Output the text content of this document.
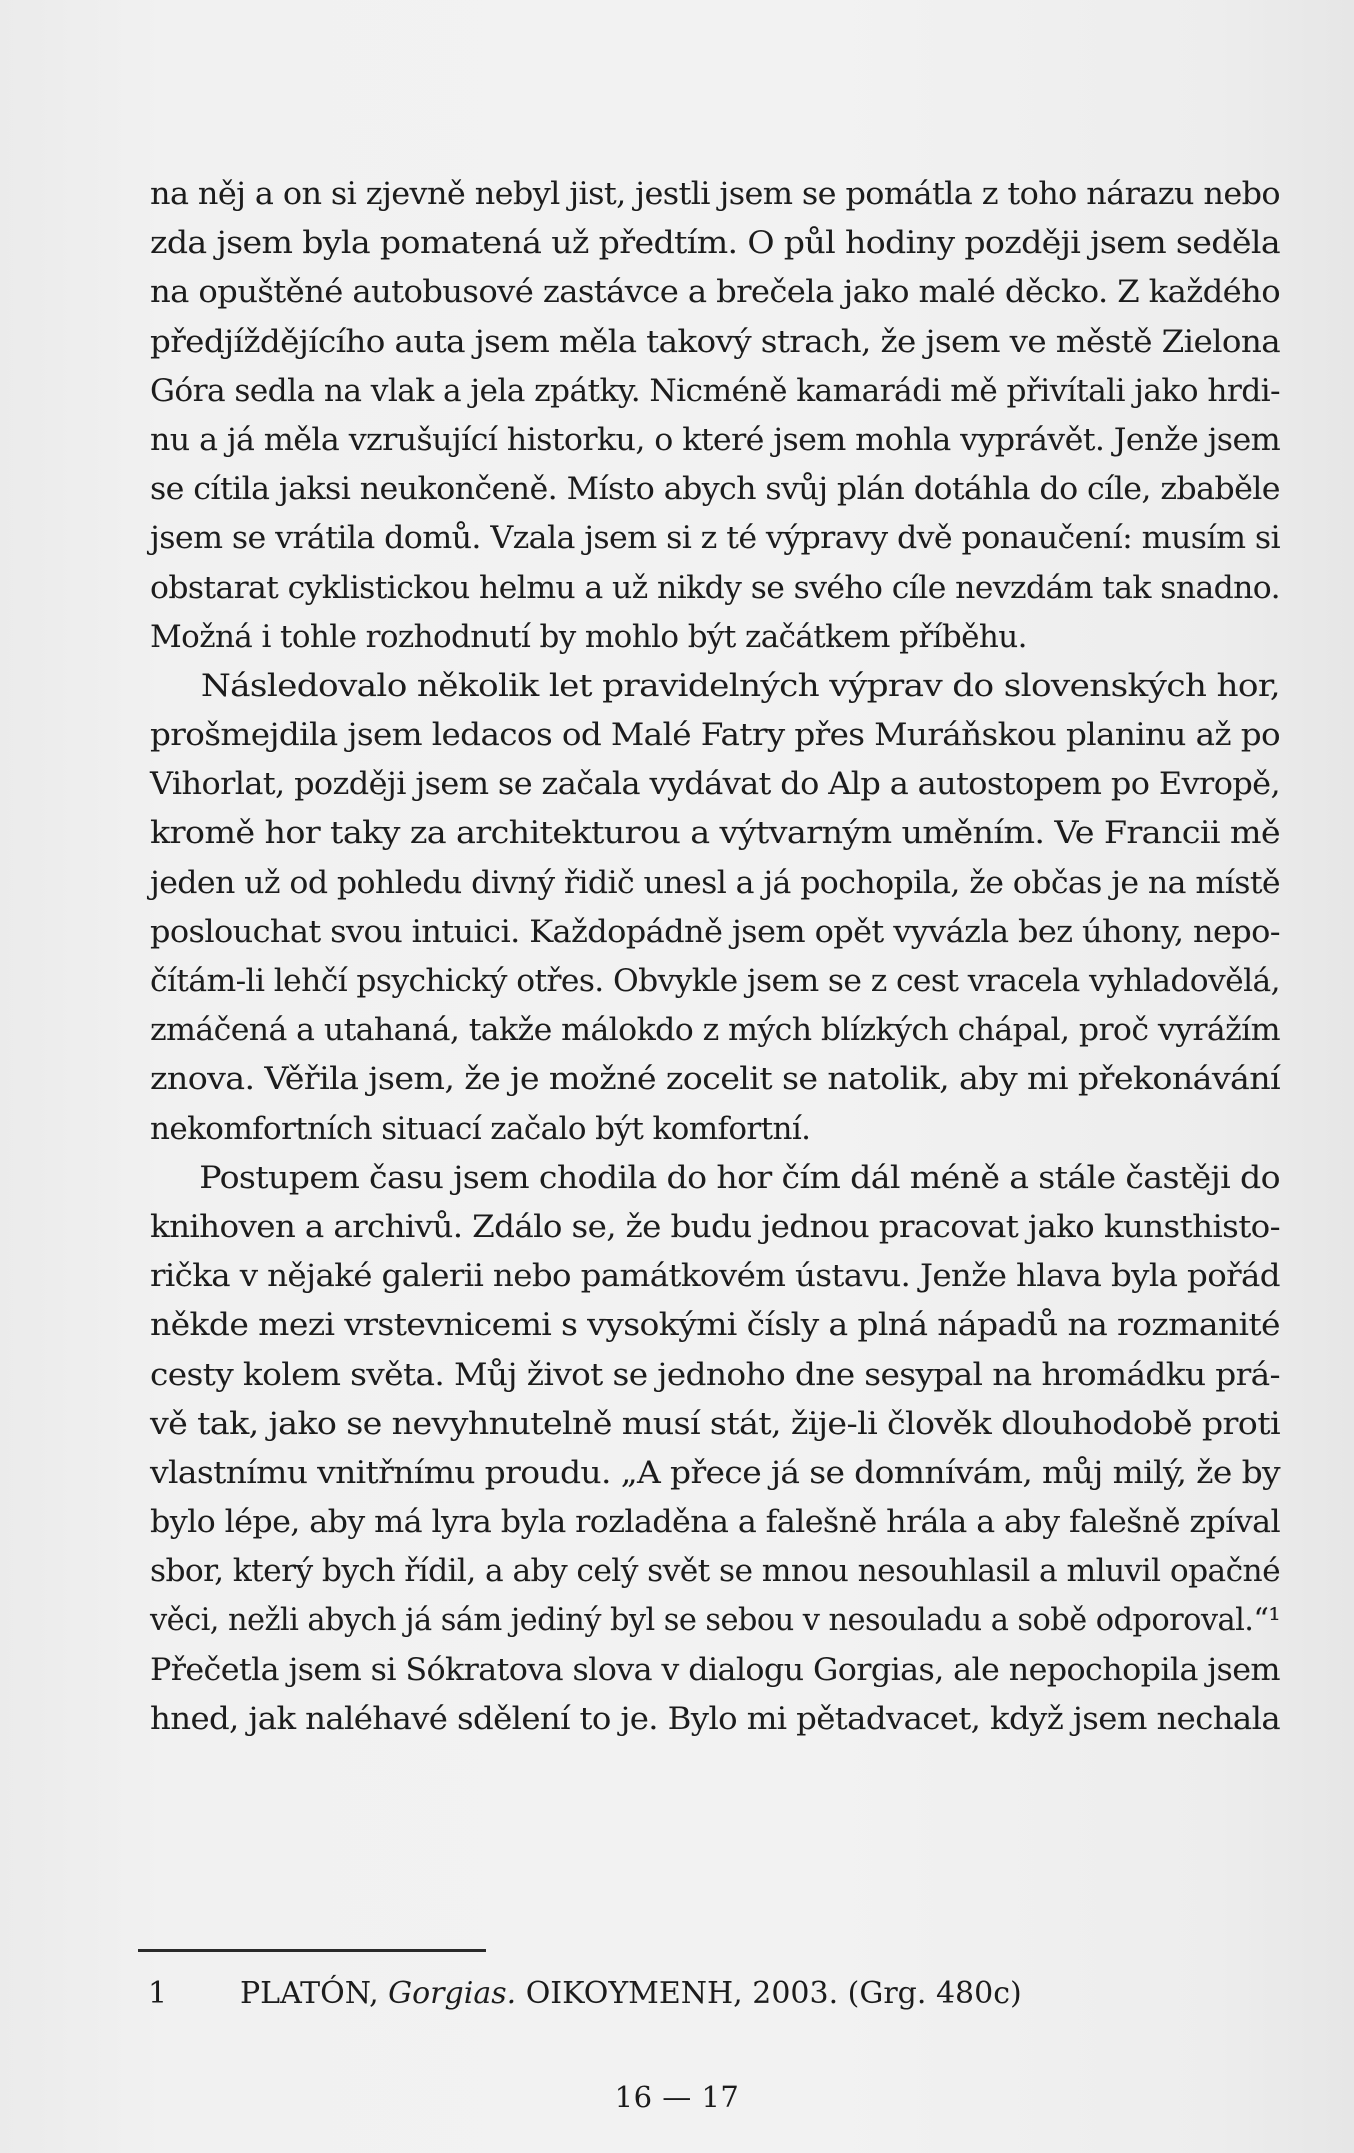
na něj a on si zjevně nebyl jist, jestli jsem se pomátla z toho nárazu nebo
zda jsem byla pomatená už předtím. O půl hodiny později jsem seděla
na opuštěné autobusové zastávce a brečela jako malé děcko. Z každého
předjíždějícího auta jsem měla takový strach, že jsem ve městě Zielona
Góra sedla na vlak a jela zpátky. Nicméně kamarádi mě přivítali jako hrdi-
nu a já měla vzrušující historku, o které jsem mohla vyprávět. Jenže jsem
se cítila jaksi neukončeně. Místo abych svůj plán dotáhla do cíle, zbaběle
jsem se vrátila domů. Vzala jsem si z té výpravy dvě ponaučení: musím si
obstarat cyklistickou helmu a už nikdy se svého cíle nevzdám tak snadno.
Možná i tohle rozhodnutí by mohlo být začátkem příběhu.
Následovalo několik let pravidelných výprav do slovenských hor,
prošmejdila jsem ledacos od Malé Fatry přes Muráňskou planinu až po
Vihorlat, později jsem se začala vydávat do Alp a autostopem po Evropě,
kromě hor taky za architekturou a výtvarným uměním. Ve Francii mě
jeden už od pohledu divný řidič unesl a já pochopila, že občas je na místě
poslouchat svou intuici. Každopádně jsem opět vyvázla bez úhony, nepo-
čítám-li lehčí psychický otřes. Obvykle jsem se z cest vracela vyhladovělá,
zmáčená a utahaná, takže málokdo z mých blízkých chápal, proč vyrážím
znova. Věřila jsem, že je možné zocelit se natolik, aby mi překonávání
nekomfortních situací začalo být komfortní.
Postupem času jsem chodila do hor čím dál méně a stále častěji do
knihoven a archivů. Zdálo se, že budu jednou pracovat jako kunsthisto-
rička v nějaké galerii nebo památkovém ústavu. Jenže hlava byla pořád
někde mezi vrstevnicemi s vysokými čísly a plná nápadů na rozmanité
cesty kolem světa. Můj život se jednoho dne sesypal na hromádku prá-
vě tak, jako se nevyhnutelně musí stát, žije-li člověk dlouhodobě proti
vlastnímu vnitřnímu proudu. „A přece já se domnívám, můj milý, že by
bylo lépe, aby má lyra byla rozladěna a falešně hrála a aby falešně zpíval
sbor, který bych řídil, a aby celý svět se mnou nesouhlasil a mluvil opačné
věci, nežli abych já sám jediný byl se sebou v nesouladu a sobě odporoval.“¹
Přečetla jsem si Sókratova slova v dialogu Gorgias, ale nepochopila jsem
hned, jak naléhavé sdělení to je. Bylo mi pětadvacet, když jsem nechala
1 PLATÓN, Gorgias. OIKOYMENH, 2003. (Grg. 480c)
16 — 17
